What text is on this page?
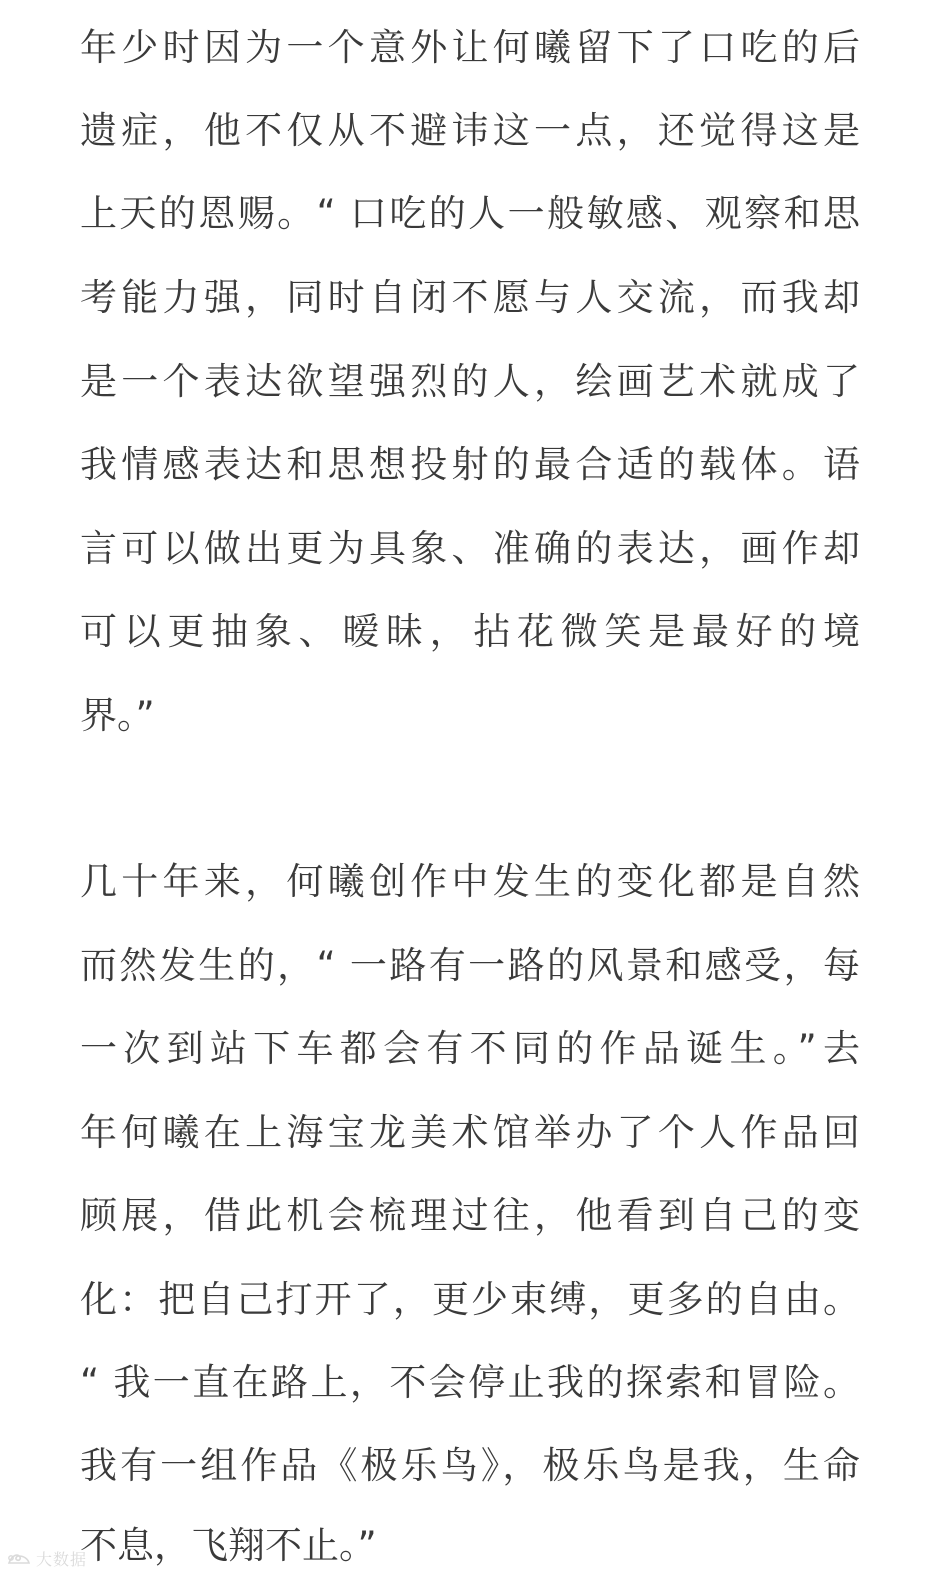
年少时因为一个意外让何曦留下了口吃的后
遗症，他不仅从不避讳这一点，还觉得这是
上天的恩赐。“ 口吃的人一般敏感、观察和思
考能力强，同时自闭不愿与人交流，而我却
是一个表达欲望强烈的人，绘画艺术就成了
我情感表达和思想投射的最合适的载体。语
言可以做出更为具象、准确的表达，画作却
可以更抽象、暧昧，拈花微笑是最好的境
界。”
几十年来，何曦创作中发生的变化都是自然
而然发生的，“ 一路有一路的风景和感受，每
一次到站下车都会有不同的作品诞生。”去
年何曦在上海宝龙美术馆举办了个人作品回
顾展，借此机会梳理过往，他看到自己的变
化：把自己打开了，更少束缚，更多的自由。
“ 我一直在路上，不会停止我的探索和冒险。
我有一组作品《极乐鸟》，极乐鸟是我，生命
不息，飞翔不止。”
大数据
